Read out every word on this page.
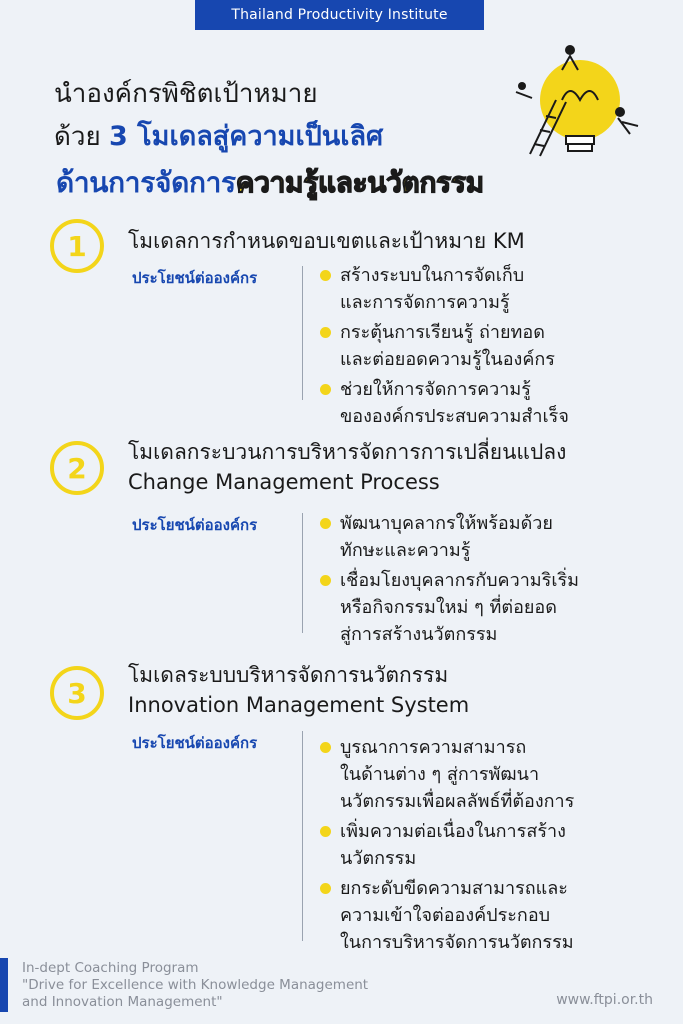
Thailand Productivity Institute
นำองค์กรพิชิตเป้าหมาย
ด้วย 3 โมเดลสู่ความเป็นเลิศ
ด้านการจัดการความรู้และนวัตกรรม
1	โมเดลการกำหนดขอบเขตและเป้าหมาย KM
ประโยชน์ต่อองค์กร	สร้างระบบในการจัดเก็บ
และการจัดการความรู้
กระตุ้นการเรียนรู้ ถ่ายทอด
และต่อยอดความรู้ในองค์กร
ช่วยให้การจัดการความรู้
ขององค์กรประสบความสำเร็จ
2	โมเดลกระบวนการบริหารจัดการการเปลี่ยนแปลง
Change Management Process
ประโยชน์ต่อองค์กร	พัฒนาบุคลากรให้พร้อมด้วย
ทักษะและความรู้
เชื่อมโยงบุคลากรกับความริเริ่ม
หรือกิจกรรมใหม่ ๆ ที่ต่อยอด
สู่การสร้างนวัตกรรม
3
โมเดลระบบบริหารจัดการนวัตกรรม
Innovation Management System
ประโยชน์ต่อองค์กร	บูรณาการความสามารถ
ในด้านต่าง ๆ สู่การพัฒนา
นวัตกรรมเพื่อผลลัพธ์ที่ต้องการ
เพิ่มความต่อเนื่องในการสร้าง
นวัตกรรม
ยกระดับขีดความสามารถและ
ความเข้าใจต่อองค์ประกอบ
ในการบริหารจัดการนวัตกรรม
In-dept Coaching Program
"Drive for Excellence with Knowledge Management
and Innovation Management"	www.ftpi.or.th
